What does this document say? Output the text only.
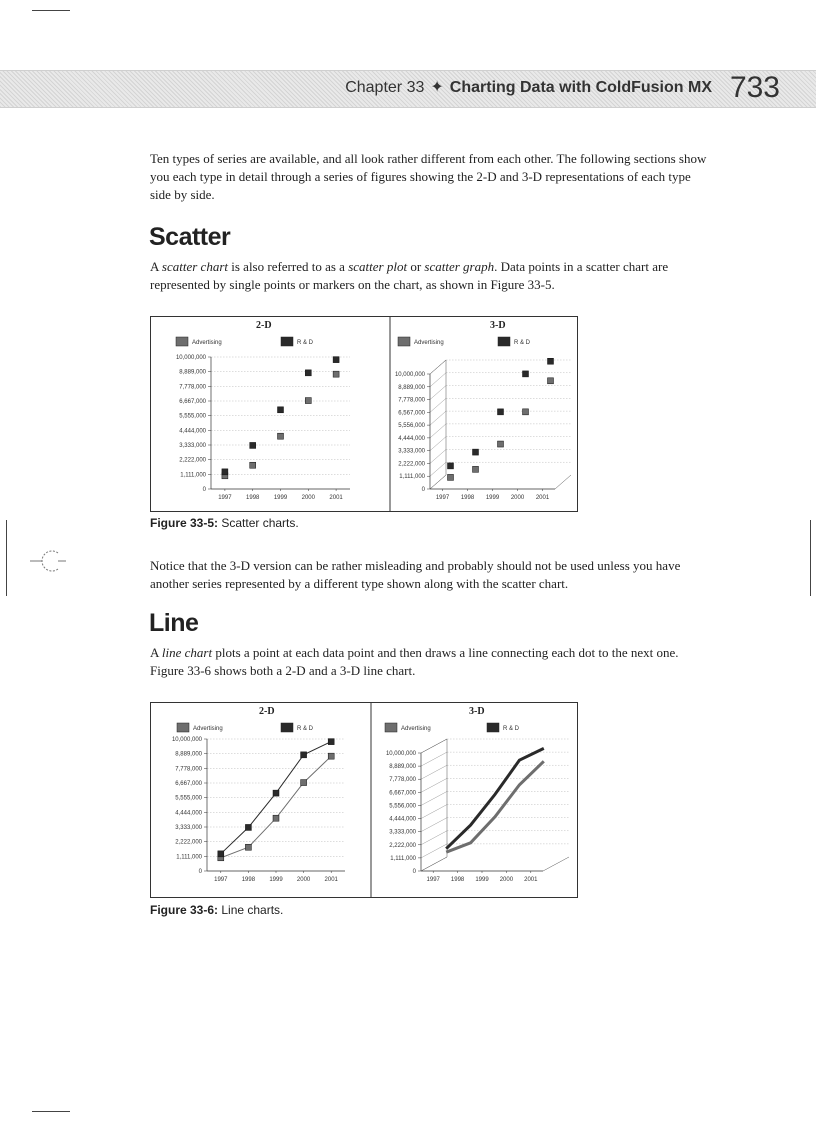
Chapter 33 ✦ Charting Data with ColdFusion MX 733

Ten types of series are available, and all look rather different from each other. The following sections show you each type in detail through a series of figures showing the 2-D and 3-D representations of each type side by side.

Scatter

A scatter chart is also referred to as a scatter plot or scatter graph. Data points in a scatter chart are represented by single points or markers on the chart, as shown in Figure 33-5.

2-D
Advertising	R & D
0
1,111,000
2,222,000
3,333,000
4,444,000
5,555,000
6,667,000
7,778,000
8,889,000
10,000,000
1997 1998 1999 2000 2001
3-D
Advertising	R & D
0
1,111,000
2,222,000
3,333,000
4,444,000
5,556,000
6,567,000
7,778,000
8,889,000
10,000,000
1997 1998 1999 2000 2001

Figure 33-5: Scatter charts.

Notice that the 3-D version can be rather misleading and probably should not be used unless you have another series represented by a different type shown along with the scatter chart.

Line

A line chart plots a point at each data point and then draws a line connecting each dot to the next one. Figure 33-6 shows both a 2-D and a 3-D line chart.

2-D
Advertising	R & D
0
1,111,000
2,222,000
3,333,000
4,444,000
5,555,000
6,667,000
7,778,000
8,889,000
10,000,000
1997 1998 1999 2000 2001
3-D
Advertising	R & D
0
1,111,000
2,222,000
3,333,000
4,444,000
5,556,000
6,667,000
7,778,000
8,889,000
10,000,000
1997 1998 1999 2000 2001

Figure 33-6: Line charts.
